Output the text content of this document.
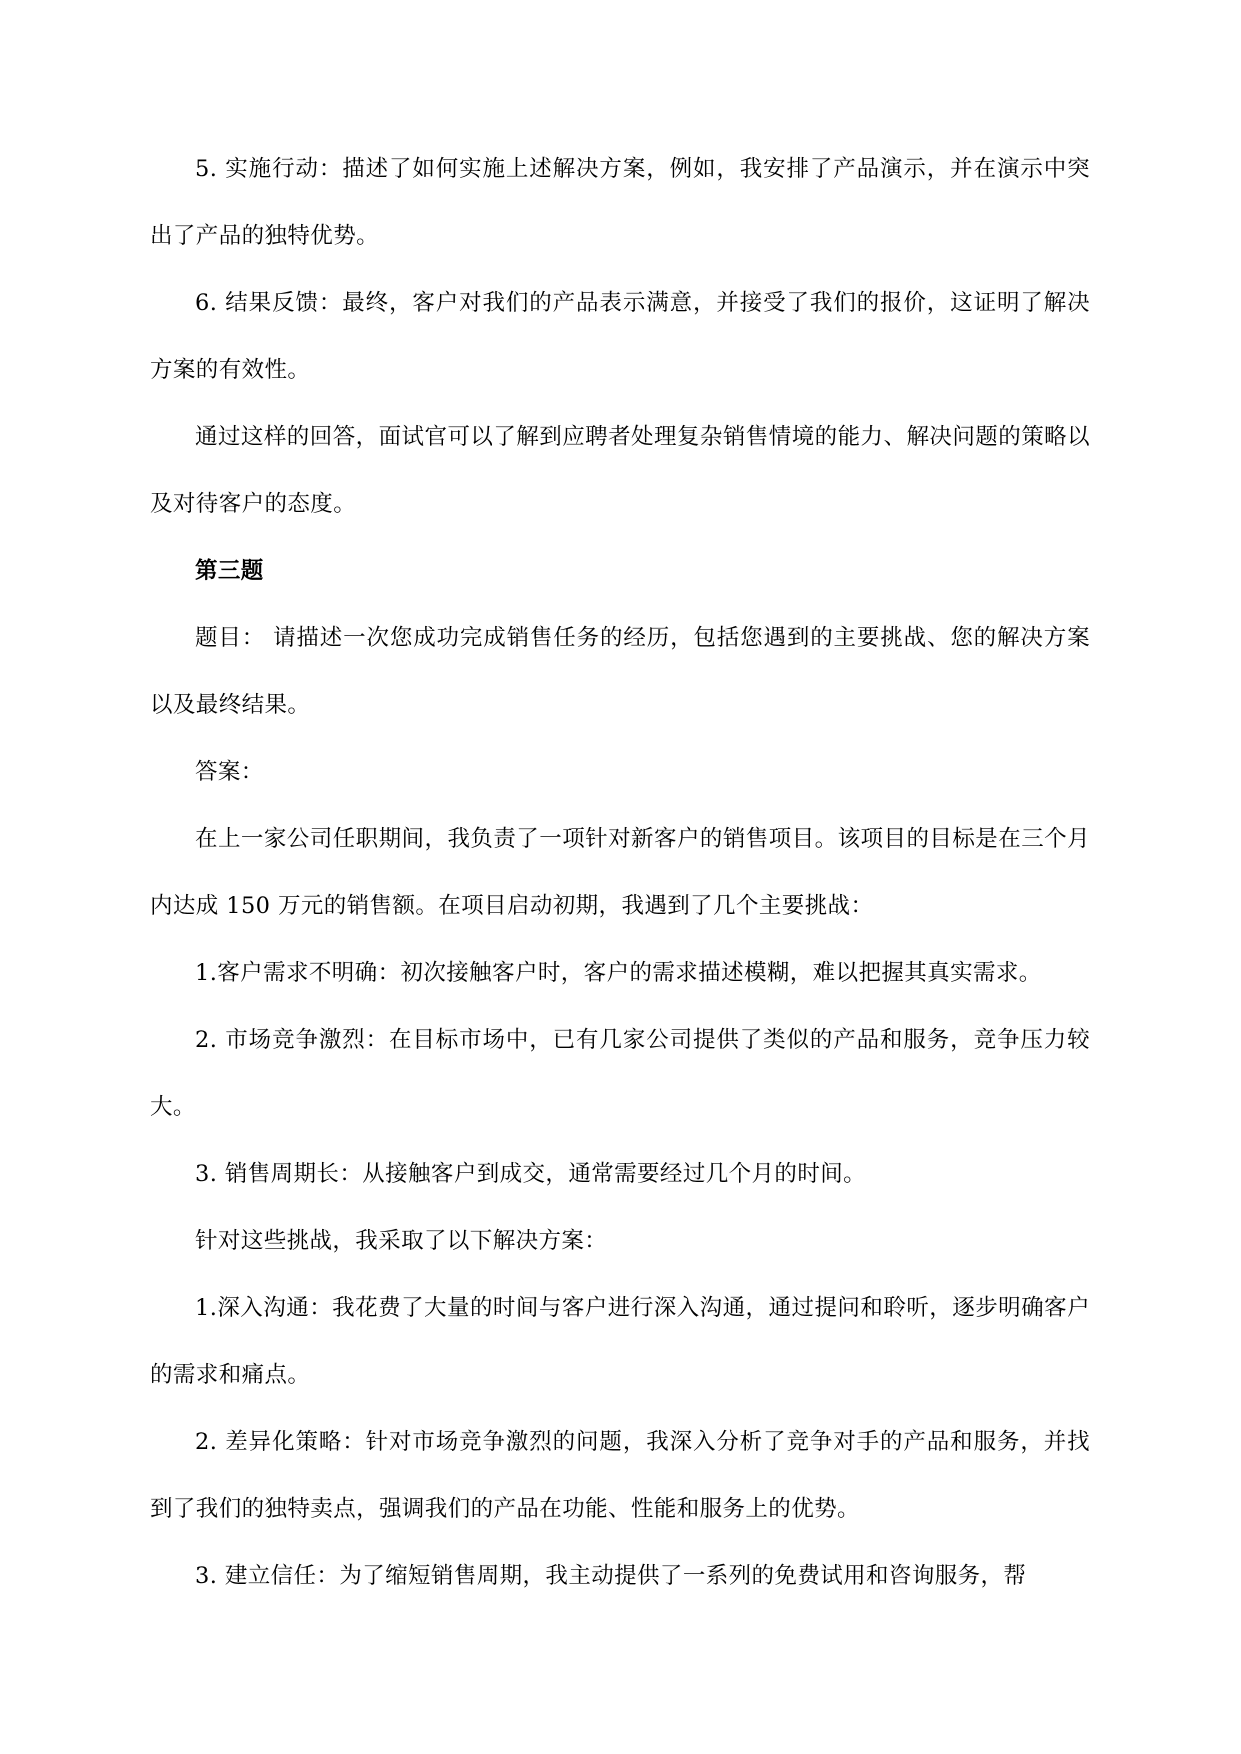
5. 实施行动：描述了如何实施上述解决方案，例如，我安排了产品演示，并在演示中突出了产品的独特优势。

6. 结果反馈：最终，客户对我们的产品表示满意，并接受了我们的报价，这证明了解决方案的有效性。

通过这样的回答，面试官可以了解到应聘者处理复杂销售情境的能力、解决问题的策略以及对待客户的态度。

第三题

题目： 请描述一次您成功完成销售任务的经历，包括您遇到的主要挑战、您的解决方案以及最终结果。

答案：

在上一家公司任职期间，我负责了一项针对新客户的销售项目。该项目的目标是在三个月内达成 150 万元的销售额。在项目启动初期，我遇到了几个主要挑战：

1.客户需求不明确：初次接触客户时，客户的需求描述模糊，难以把握其真实需求。

2. 市场竞争激烈：在目标市场中，已有几家公司提供了类似的产品和服务，竞争压力较大。

3. 销售周期长：从接触客户到成交，通常需要经过几个月的时间。

针对这些挑战，我采取了以下解决方案：

1.深入沟通：我花费了大量的时间与客户进行深入沟通，通过提问和聆听，逐步明确客户的需求和痛点。

2. 差异化策略：针对市场竞争激烈的问题，我深入分析了竞争对手的产品和服务，并找到了我们的独特卖点，强调我们的产品在功能、性能和服务上的优势。

3. 建立信任：为了缩短销售周期，我主动提供了一系列的免费试用和咨询服务，帮
